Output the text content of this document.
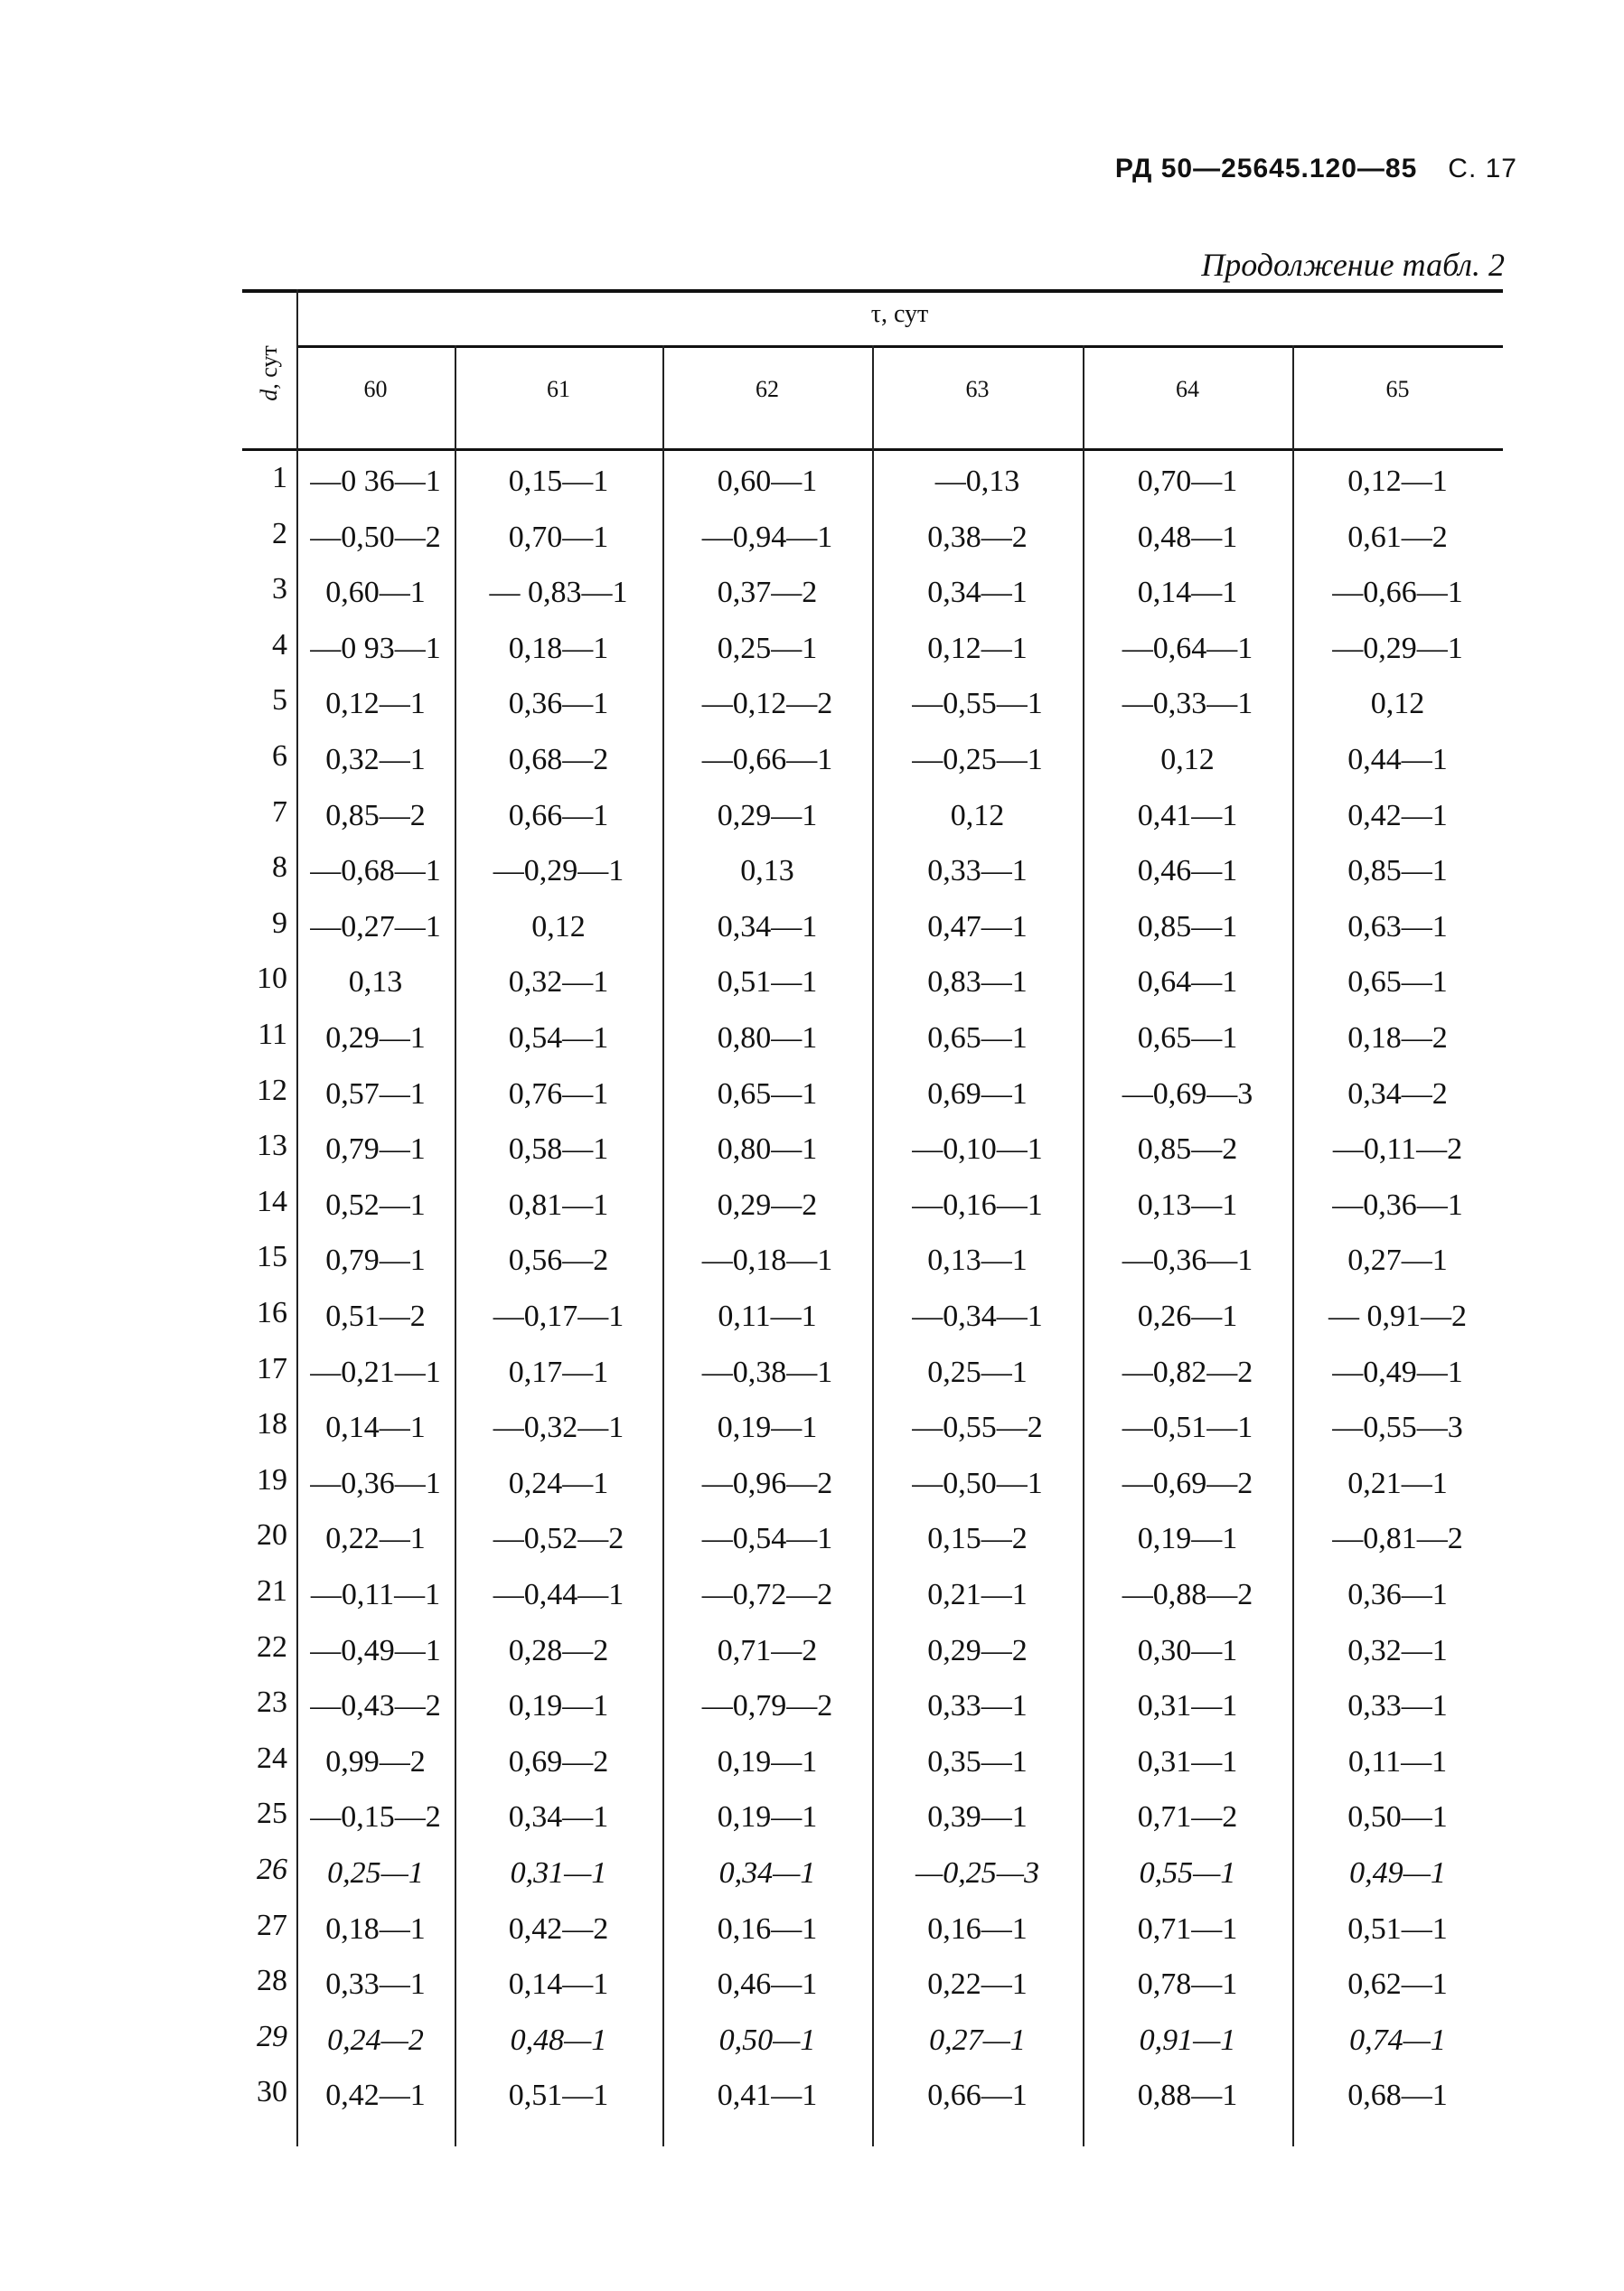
РД 50—25645.120—85 С. 17
Продолжение табл. 2
τ, сут
d, сут
60	61	62	63	64	65
1 —0 36—1	0,15—1	0,60—1	—0,13	0,70—1	0,12—1
2 —0,50—2	0,70—1	—0,94—1	0,38—2	0,48—1	0,61—2
3	0,60—1	— 0,83—1	0,37—2	0,34—1	0,14—1	—0,66—1
4 —0 93—1	0,18—1	0,25—1	0,12—1	—0,64—1	—0,29—1
5	0,12—1	0,36—1	—0,12—2	—0,55—1	—0,33—1	0,12
6	0,32—1	0,68—2	—0,66—1	—0,25—1	0,12	0,44—1
7	0,85—2	0,66—1	0,29—1	0,12	0,41—1	0,42—1
8 —0,68—1	—0,29—1	0,13	0,33—1	0,46—1	0,85—1
9 —0,27—1	0,12	0,34—1	0,47—1	0,85—1	0,63—1
10	0,13	0,32—1	0,51—1	0,83—1	0,64—1	0,65—1
11	0,29—1	0,54—1	0,80—1	0,65—1	0,65—1	0,18—2
12	0,57—1	0,76—1	0,65—1	0,69—1	—0,69—3	0,34—2
13	0,79—1	0,58—1	0,80—1	—0,10—1	0,85—2	—0,11—2
14	0,52—1	0,81—1	0,29—2	—0,16—1	0,13—1	—0,36—1
15	0,79—1	0,56—2	—0,18—1	0,13—1	—0,36—1	0,27—1
16	0,51—2	—0,17—1	0,11—1	—0,34—1	0,26—1	— 0,91—2
17 —0,21—1	0,17—1	—0,38—1	0,25—1	—0,82—2	—0,49—1
18	0,14—1	—0,32—1	0,19—1	—0,55—2	—0,51—1	—0,55—3
19 —0,36—1	0,24—1	—0,96—2	—0,50—1	—0,69—2	0,21—1
20	0,22—1	—0,52—2	—0,54—1	0,15—2	0,19—1	—0,81—2
21 —0,11—1	—0,44—1	—0,72—2	0,21—1	—0,88—2	0,36—1
22 —0,49—1	0,28—2	0,71—2	0,29—2	0,30—1	0,32—1
23 —0,43—2	0,19—1	—0,79—2	0,33—1	0,31—1	0,33—1
24	0,99—2	0,69—2	0,19—1	0,35—1	0,31—1	0,11—1
25 —0,15—2	0,34—1	0,19—1	0,39—1	0,71—2	0,50—1
26	0,25—1	0,31—1	0,34—1	—0,25—3	0,55—1	0,49—1
27	0,18—1	0,42—2	0,16—1	0,16—1	0,71—1	0,51—1
28	0,33—1	0,14—1	0,46—1	0,22—1	0,78—1	0,62—1
29	0,24—2	0,48—1	0,50—1	0,27—1	0,91—1	0,74—1
30	0,42—1	0,51—1	0,41—1	0,66—1	0,88—1	0,68—1
